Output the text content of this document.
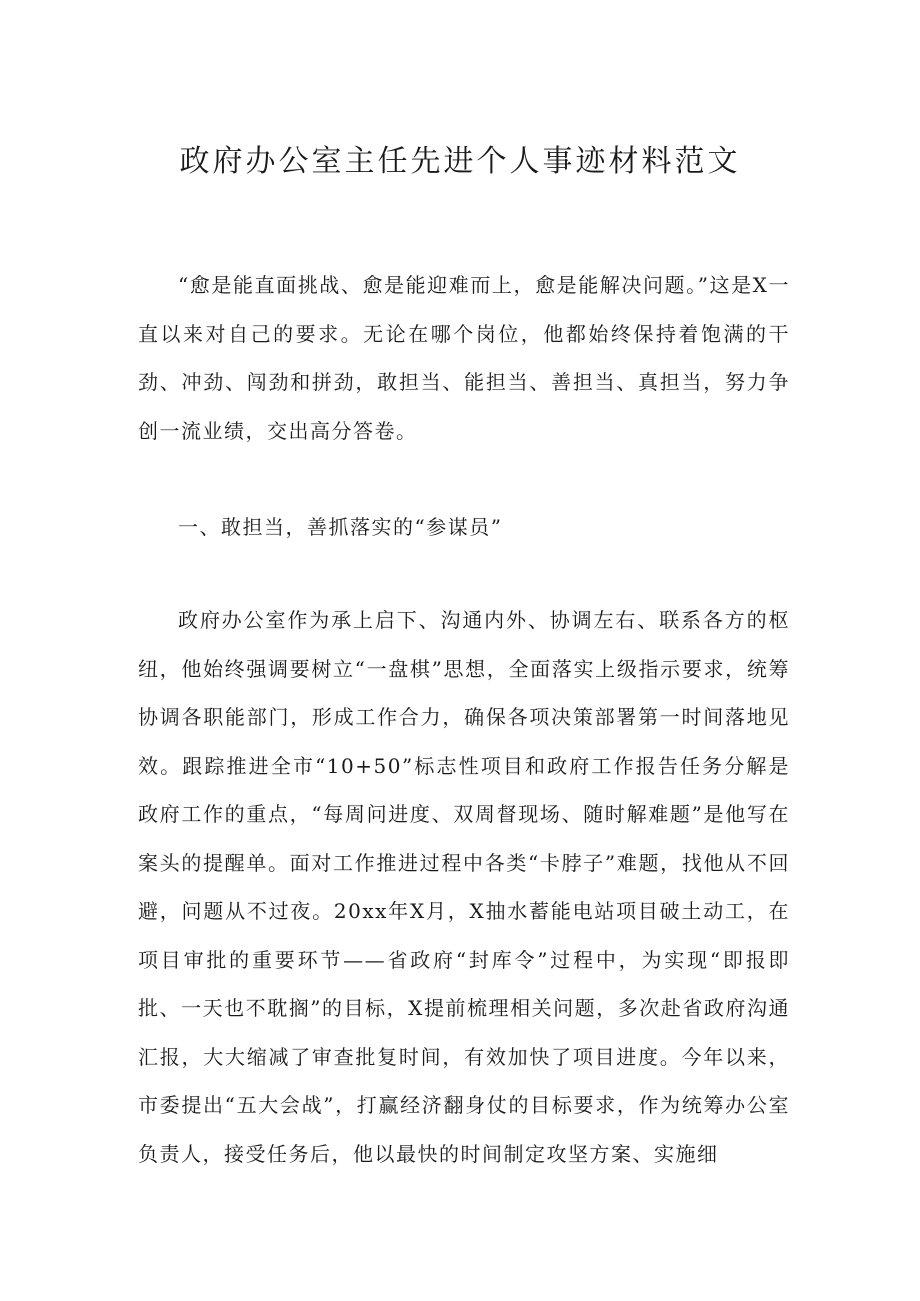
政府办公室主任先进个人事迹材料范文

“愈是能直面挑战、愈是能迎难而上，愈是能解决问题。”这是X一直以来对自己的要求。无论在哪个岗位，他都始终保持着饱满的干劲、冲劲、闯劲和拼劲，敢担当、能担当、善担当、真担当，努力争创一流业绩，交出高分答卷。

一、敢担当，善抓落实的“参谋员”

政府办公室作为承上启下、沟通内外、协调左右、联系各方的枢纽，他始终强调要树立“一盘棋”思想，全面落实上级指示要求，统筹协调各职能部门，形成工作合力，确保各项决策部署第一时间落地见效。跟踪推进全市“10+50”标志性项目和政府工作报告任务分解是政府工作的重点，“每周问进度、双周督现场、随时解难题”是他写在案头的提醒单。面对工作推进过程中各类“卡脖子”难题，找他从不回避，问题从不过夜。20xx年X月，X抽水蓄能电站项目破土动工，在项目审批的重要环节——省政府“封库令”过程中，为实现“即报即批、一天也不耽搁”的目标，X提前梳理相关问题，多次赴省政府沟通汇报，大大缩减了审查批复时间，有效加快了项目进度。今年以来，市委提出“五大会战”，打赢经济翻身仗的目标要求，作为统筹办公室负责人，接受任务后，他以最快的时间制定攻坚方案、实施细
